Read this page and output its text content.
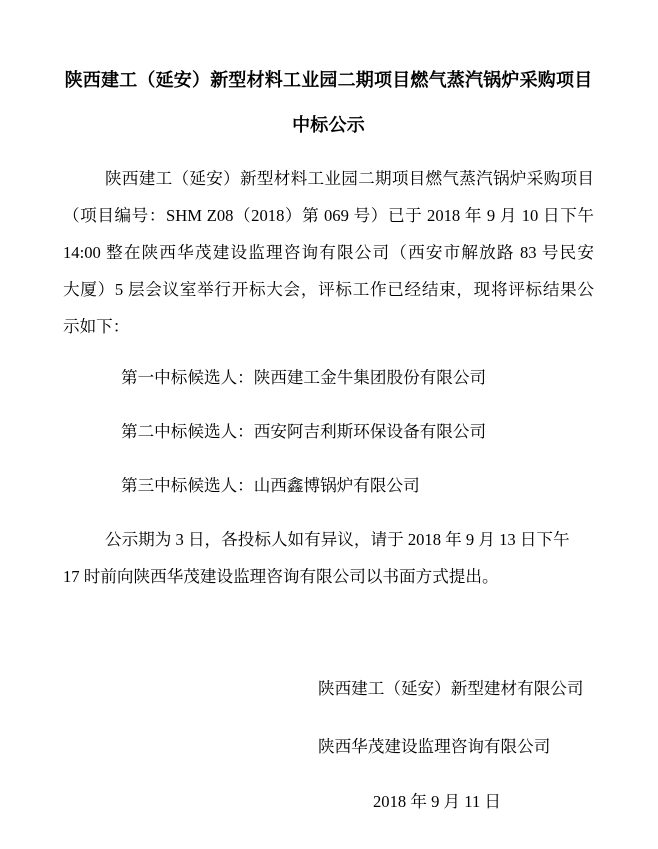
陕西建工（延安）新型材料工业园二期项目燃气蒸汽锅炉采购项目
中标公示
陕西建工（延安）新型材料工业园二期项目燃气蒸汽锅炉采购项目
（项目编号：SHM Z08（2018）第 069 号）已于 2018 年 9 月 10 日下午
14:00 整在陕西华茂建设监理咨询有限公司（西安市解放路 83 号民安
大厦）5 层会议室举行开标大会，评标工作已经结束，现将评标结果公
示如下：
第一中标候选人：陕西建工金牛集团股份有限公司
第二中标候选人：西安阿吉利斯环保设备有限公司
第三中标候选人：山西鑫博锅炉有限公司
公示期为 3 日，各投标人如有异议，请于 2018 年 9 月 13 日下午
17 时前向陕西华茂建设监理咨询有限公司以书面方式提出。
陕西建工（延安）新型建材有限公司
陕西华茂建设监理咨询有限公司
2018 年 9 月 11 日
